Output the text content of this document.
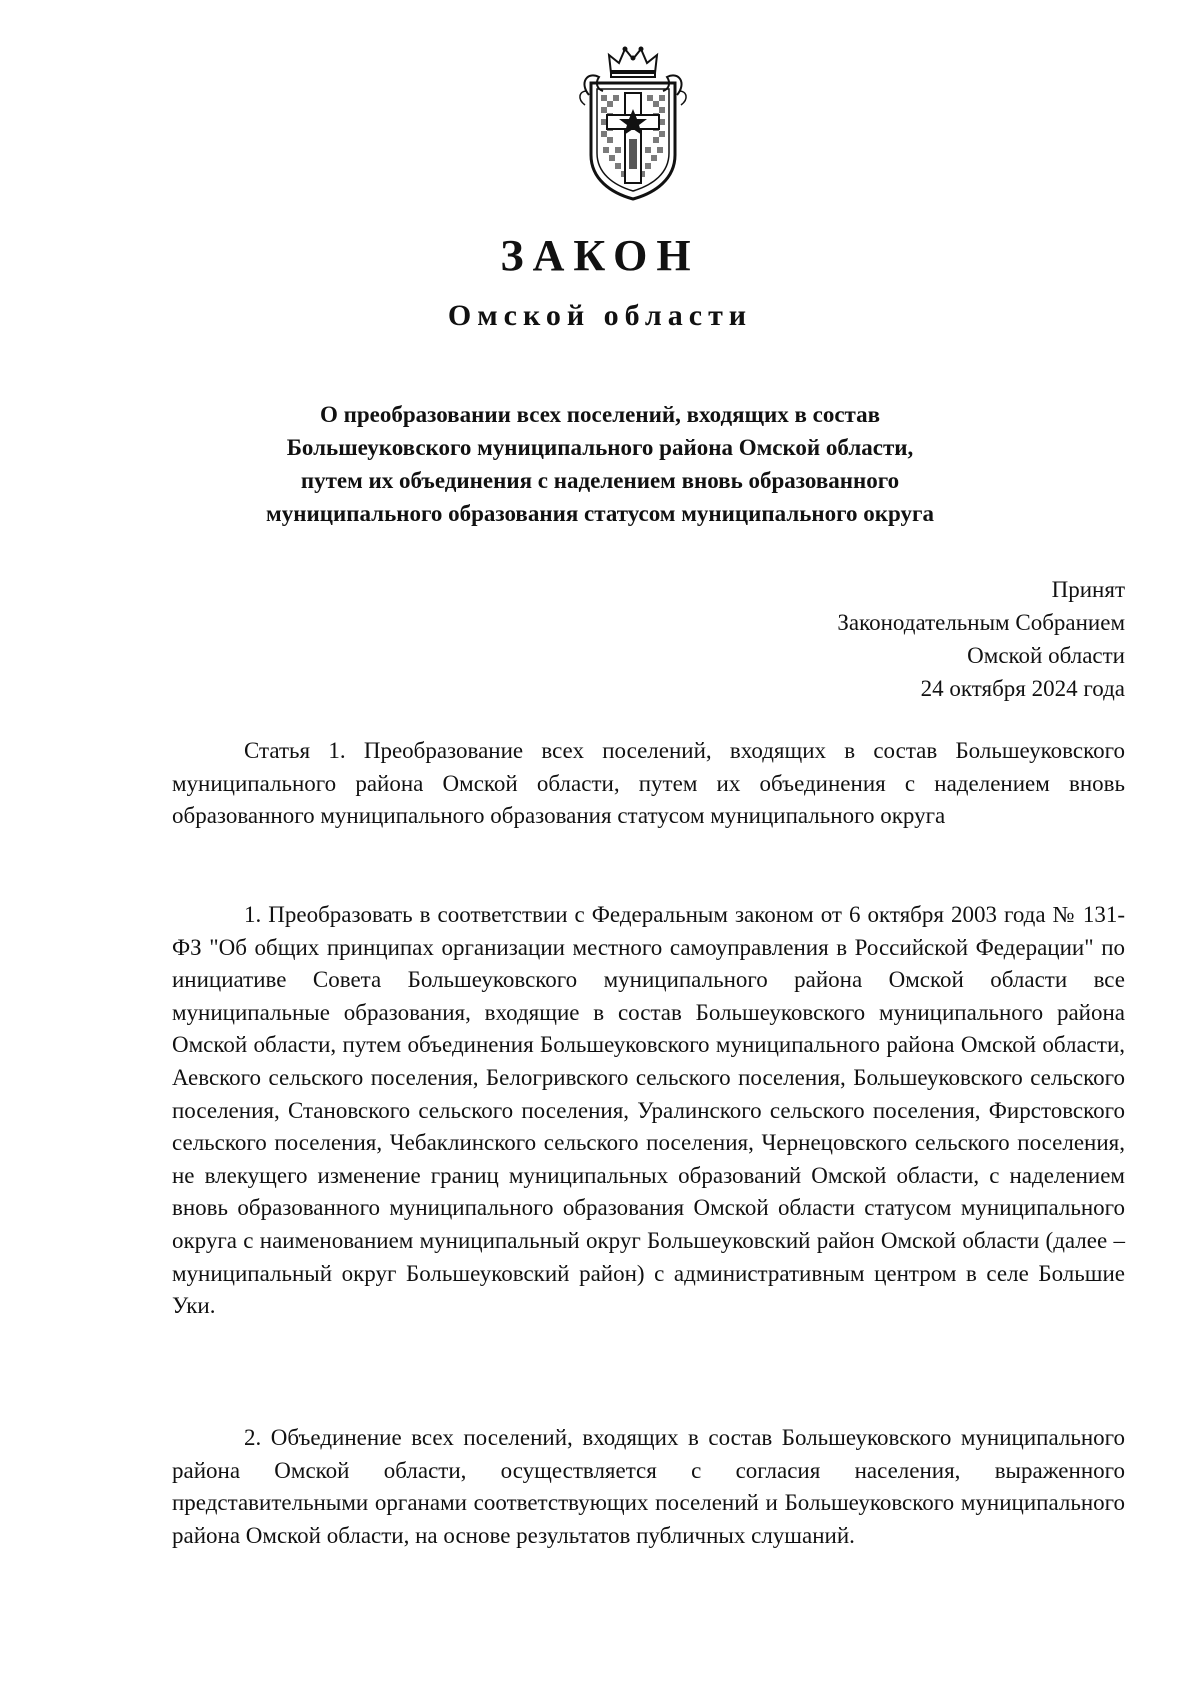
ЗАКОН
Омской области

О преобразовании всех поселений, входящих в состав
Большеуковского муниципального района Омской области,
путем их объединения с наделением вновь образованного
муниципального образования статусом муниципального округа

Принят
Законодательным Собранием
Омской области
24 октября 2024 года

Статья 1. Преобразование всех поселений, входящих в состав Большеуковского муниципального района Омской области, путем их объединения с наделением вновь образованного муниципального образования статусом муниципального округа

1. Преобразовать в соответствии с Федеральным законом от 6 октября 2003 года № 131-ФЗ "Об общих принципах организации местного самоуправления в Российской Федерации" по инициативе Совета Большеуковского муниципального района Омской области все муниципальные образования, входящие в состав Большеуковского муниципального района Омской области, путем объединения Большеуковского муниципального района Омской области, Аевского сельского поселения, Белогривского сельского поселения, Большеуковского сельского поселения, Становского сельского поселения, Уралинского сельского поселения, Фирстовского сельского поселения, Чебаклинского сельского поселения, Чернецовского сельского поселения, не влекущего изменение границ муниципальных образований Омской области, с наделением вновь образованного муниципального образования Омской области статусом муниципального округа с наименованием муниципальный округ Большеуковский район Омской области (далее – муниципальный округ Большеуковский район) с административным центром в селе Большие Уки.

2. Объединение всех поселений, входящих в состав Большеуковского муниципального района Омской области, осуществляется с согласия населения, выраженного представительными органами соответствующих поселений и Большеуковского муниципального района Омской области, на основе результатов публичных слушаний.
